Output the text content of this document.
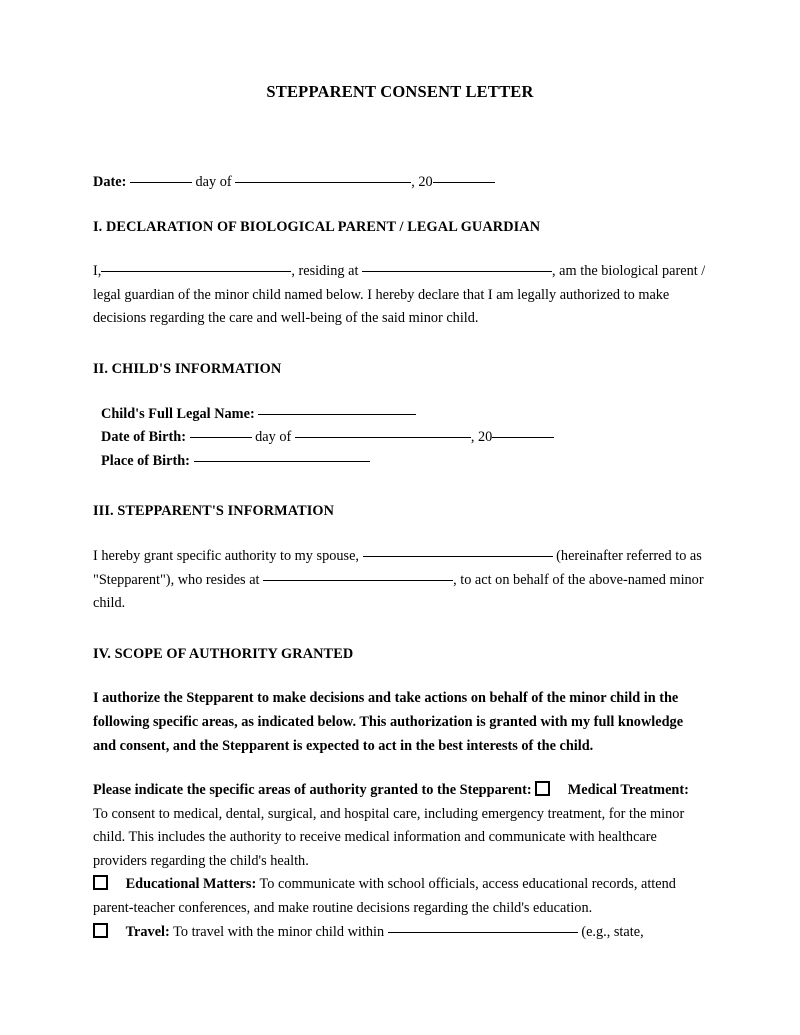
STEPPARENT CONSENT LETTER
Date:	day of	, 20
I. DECLARATION OF BIOLOGICAL PARENT / LEGAL GUARDIAN
I,	, residing at	, am the biological parent / legal guardian of the minor child named below. I hereby declare that I am legally authorized to make decisions regarding the care and well-being of the said minor child.
II. CHILD'S INFORMATION
Child's Full Legal Name:
Date of Birth:	day of	, 20
Place of Birth:
III. STEPPARENT'S INFORMATION
I hereby grant specific authority to my spouse,	(hereinafter referred to as "Stepparent"), who resides at	, to act on behalf of the above-named minor child.
IV. SCOPE OF AUTHORITY GRANTED
I authorize the Stepparent to make decisions and take actions on behalf of the minor child in the following specific areas, as indicated below. This authorization is granted with my full knowledge and consent, and the Stepparent is expected to act in the best interests of the child.
Please indicate the specific areas of authority granted to the Stepparent:	Medical Treatment: To consent to medical, dental, surgical, and hospital care, including emergency treatment, for the minor child. This includes the authority to receive medical information and communicate with healthcare providers regarding the child's health.
Educational Matters: To communicate with school officials, access educational records, attend parent-teacher conferences, and make routine decisions regarding the child's education.
Travel: To travel with the minor child within	(e.g., state,
